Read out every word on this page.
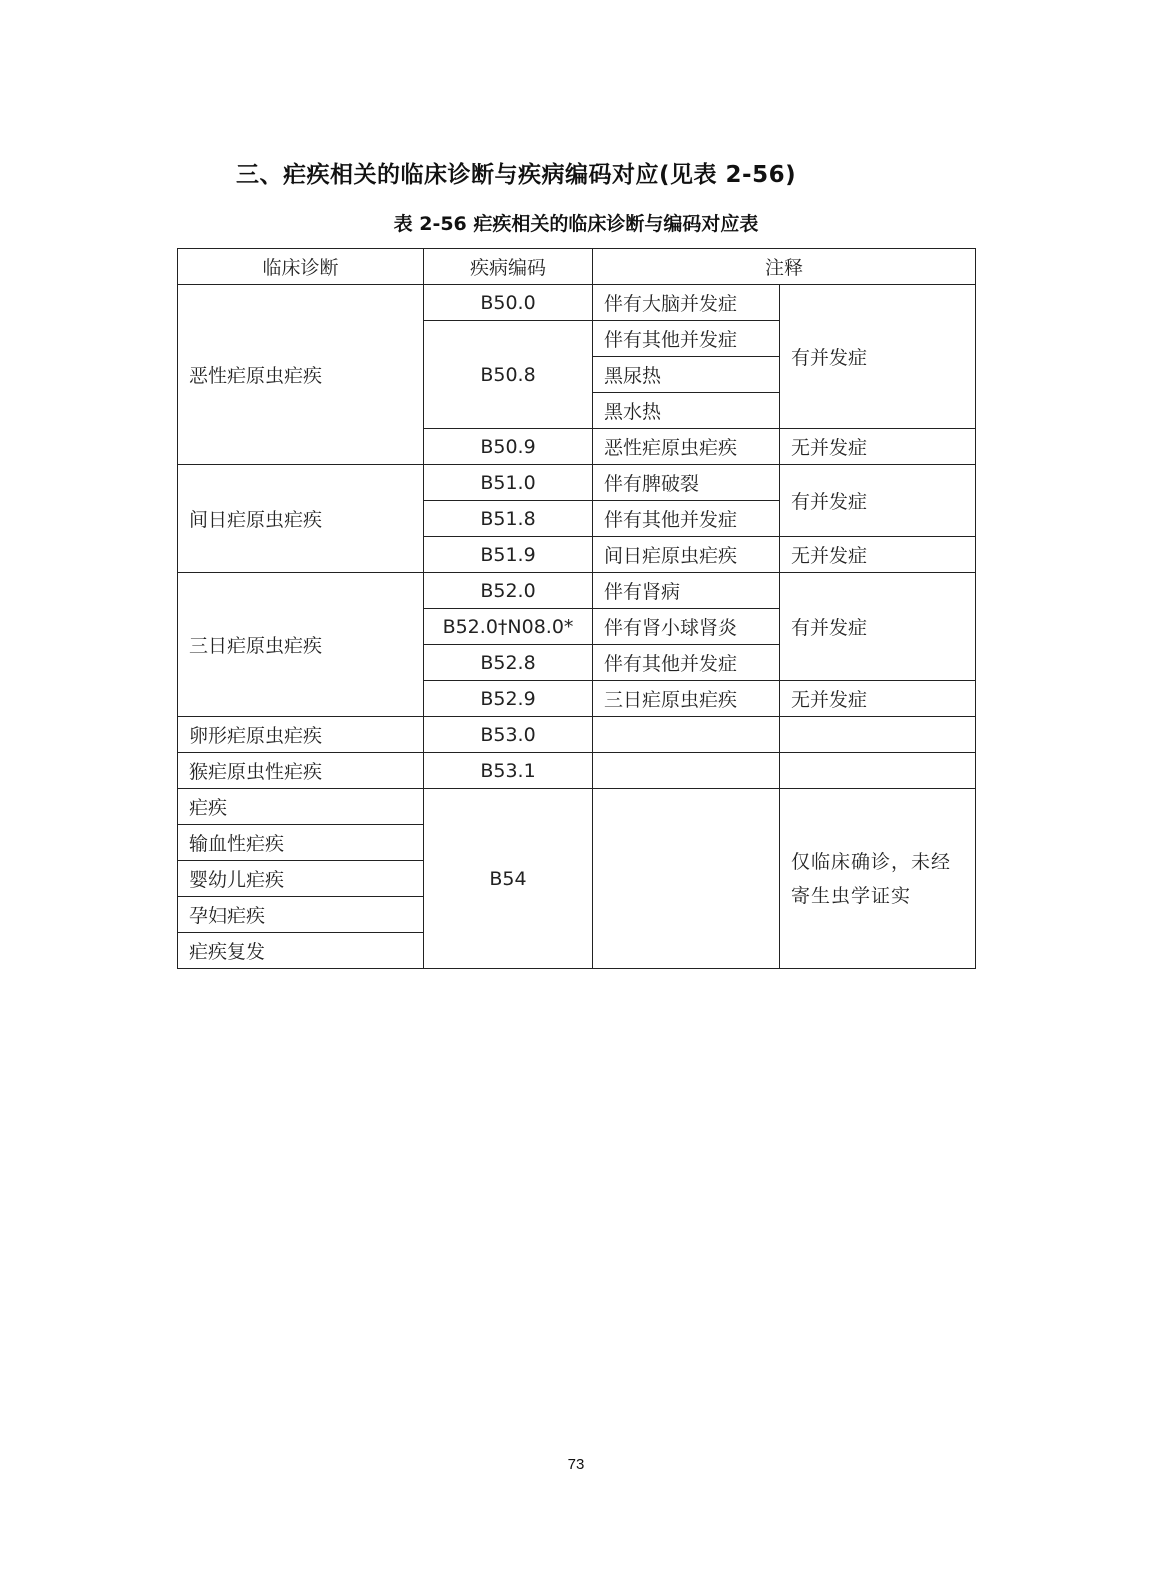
三、疟疾相关的临床诊断与疾病编码对应(见表 2-56)
表 2-56 疟疾相关的临床诊断与编码对应表
临床诊断	疾病编码	注释	
恶性疟原虫疟疾	B50.0	伴有大脑并发症	有并发症
	B50.8	伴有其他并发症	
		黑尿热	
		黑水热	
	B50.9	恶性疟原虫疟疾	无并发症
间日疟原虫疟疾	B51.0	伴有脾破裂	有并发症
	B51.8	伴有其他并发症	
	B51.9	间日疟原虫疟疾	无并发症
三日疟原虫疟疾	B52.0	伴有肾病	有并发症
	B52.0†N08.0*	伴有肾小球肾炎	
	B52.8	伴有其他并发症	
	B52.9	三日疟原虫疟疾	无并发症
卵形疟原虫疟疾	B53.0		
猴疟原虫性疟疾	B53.1		
疟疾	B54		仅临床确诊，未经寄生虫学证实
输血性疟疾			
婴幼儿疟疾			
孕妇疟疾			
疟疾复发			
73
